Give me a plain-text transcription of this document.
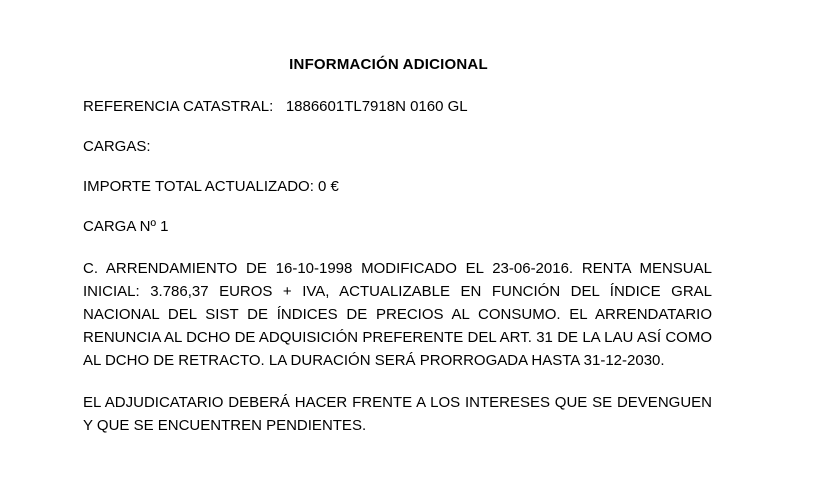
INFORMACIÓN ADICIONAL

REFERENCIA CATASTRAL:   1886601TL7918N 0160 GL

CARGAS:

IMPORTE TOTAL ACTUALIZADO: 0 €

CARGA Nº 1

C. ARRENDAMIENTO DE 16-10-1998 MODIFICADO EL 23-06-2016. RENTA MENSUAL INICIAL: 3.786,37 EUROS + IVA, ACTUALIZABLE EN FUNCIÓN DEL ÍNDICE GRAL NACIONAL DEL SIST DE ÍNDICES DE PRECIOS AL CONSUMO. EL ARRENDATARIO RENUNCIA AL DCHO DE ADQUISICIÓN PREFERENTE DEL ART. 31 DE LA LAU ASÍ COMO AL DCHO DE RETRACTO. LA DURACIÓN SERÁ PRORROGADA HASTA 31-12-2030.

EL ADJUDICATARIO DEBERÁ HACER FRENTE A LOS INTERESES QUE SE DEVENGUEN Y QUE SE ENCUENTREN PENDIENTES.
